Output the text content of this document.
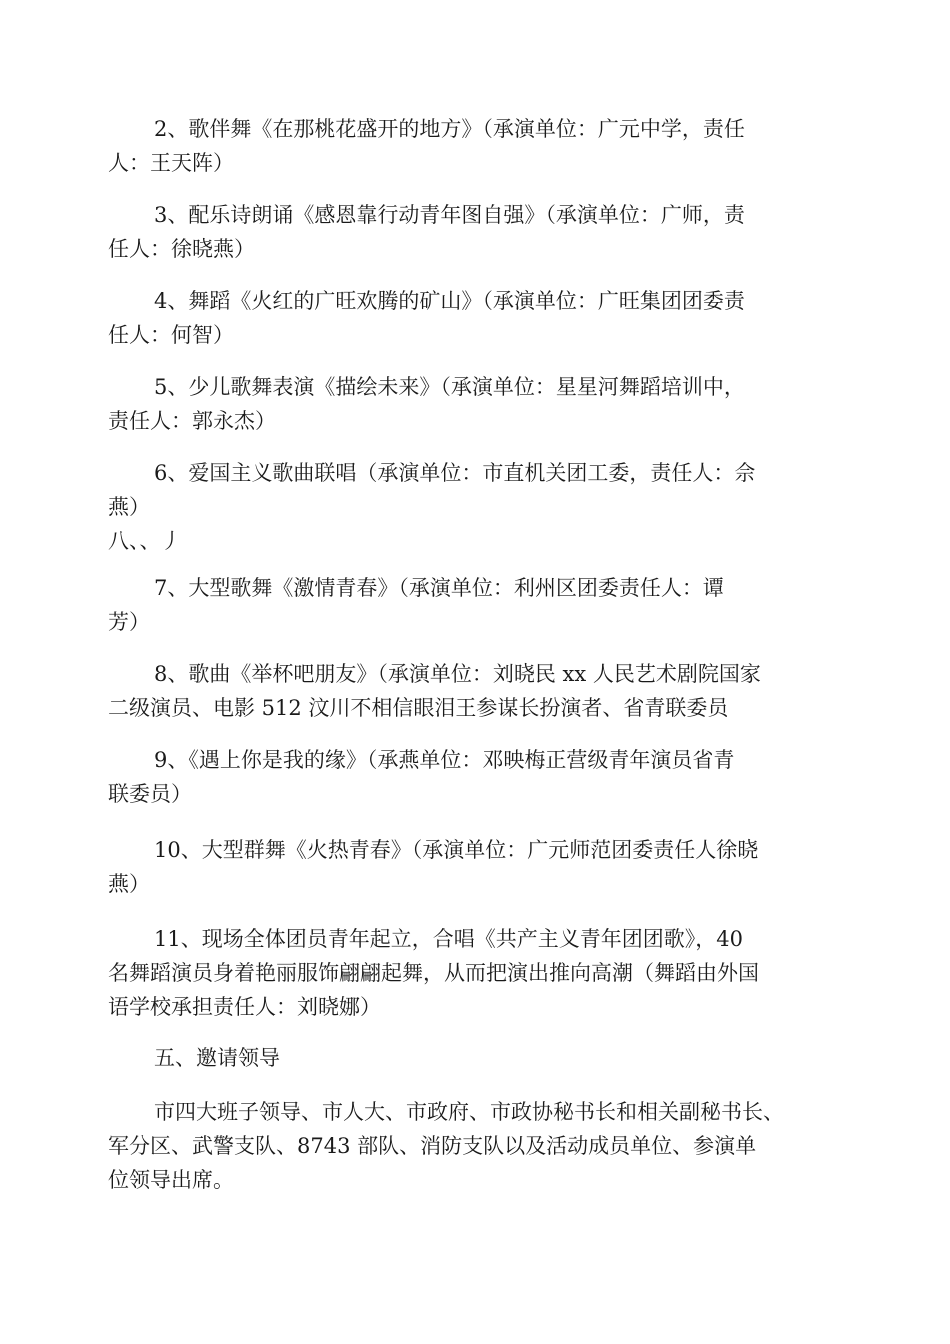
2、歌伴舞《在那桃花盛开的地方》（承演单位：广元中学，责任
人：王天阵）
3、配乐诗朗诵《感恩靠行动青年图自强》（承演单位：广师，责
任人：徐晓燕）
4、舞蹈《火红的广旺欢腾的矿山》（承演单位：广旺集团团委责
任人：何智）
5、少儿歌舞表演《描绘未来》（承演单位：星星河舞蹈培训中，
责任人：郭永杰）
6、爱国主义歌曲联唱（承演单位：市直机关团工委，责任人：佘
燕）
八、、丿
7、大型歌舞《激情青春》（承演单位：利州区团委责任人：谭
芳）
8、歌曲《举杯吧朋友》（承演单位：刘晓民 xx 人民艺术剧院国家
二级演员、电影 512 汶川不相信眼泪王参谋长扮演者、省青联委员
9、《遇上你是我的缘》（承燕单位：邓映梅正营级青年演员省青
联委员）
10、大型群舞《火热青春》（承演单位：广元师范团委责任人徐晓
燕）
11、现场全体团员青年起立，合唱《共产主义青年团团歌》，40
名舞蹈演员身着艳丽服饰翩翩起舞，从而把演出推向高潮（舞蹈由外国
语学校承担责任人：刘晓娜）
五、邀请领导
市四大班子领导、市人大、市政府、市政协秘书长和相关副秘书长、
军分区、武警支队、8743 部队、消防支队以及活动成员单位、参演单
位领导出席。
